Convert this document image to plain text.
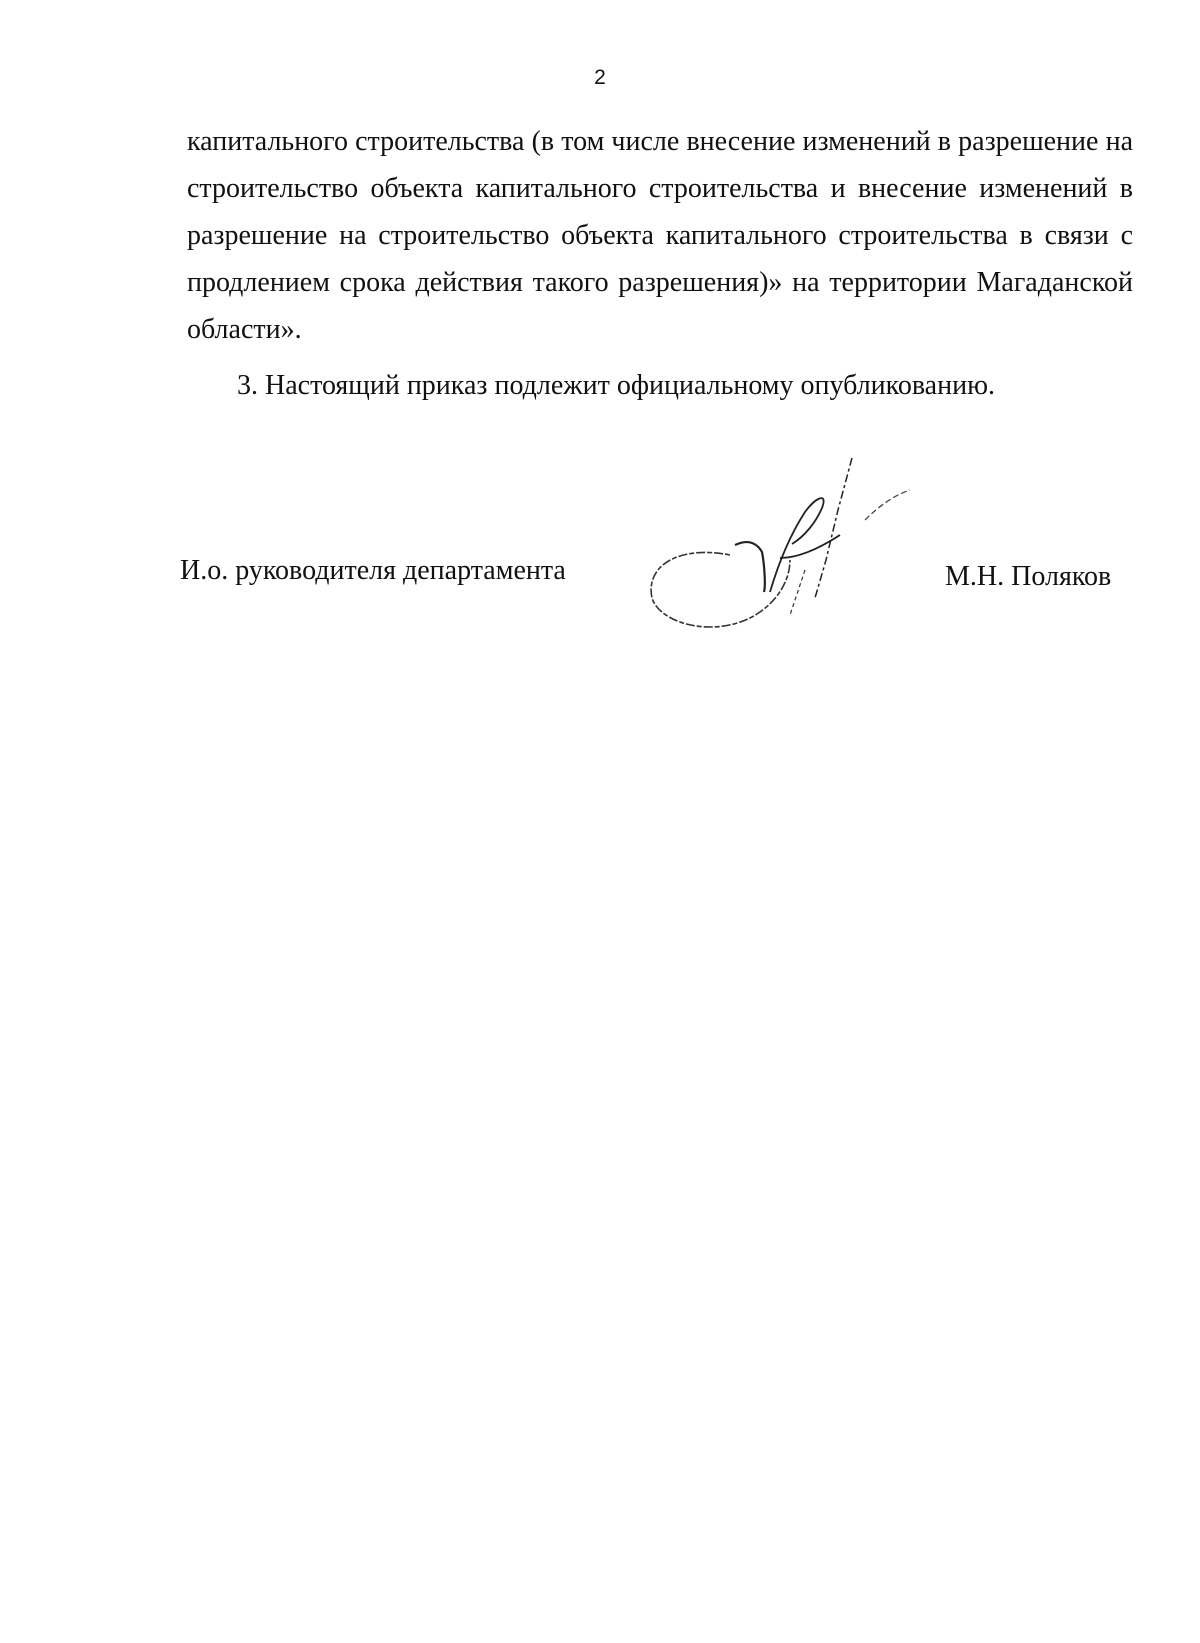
2

капитального строительства (в том числе внесение изменений в разрешение на строительство объекта капитального строительства и внесение изменений в разрешение на строительство объекта капитального строительства в связи с продлением срока действия такого разрешения)» на территории Магаданской области».

3. Настоящий приказ подлежит официальному опубликованию.

И.о. руководителя департамента	М.Н. Поляков
